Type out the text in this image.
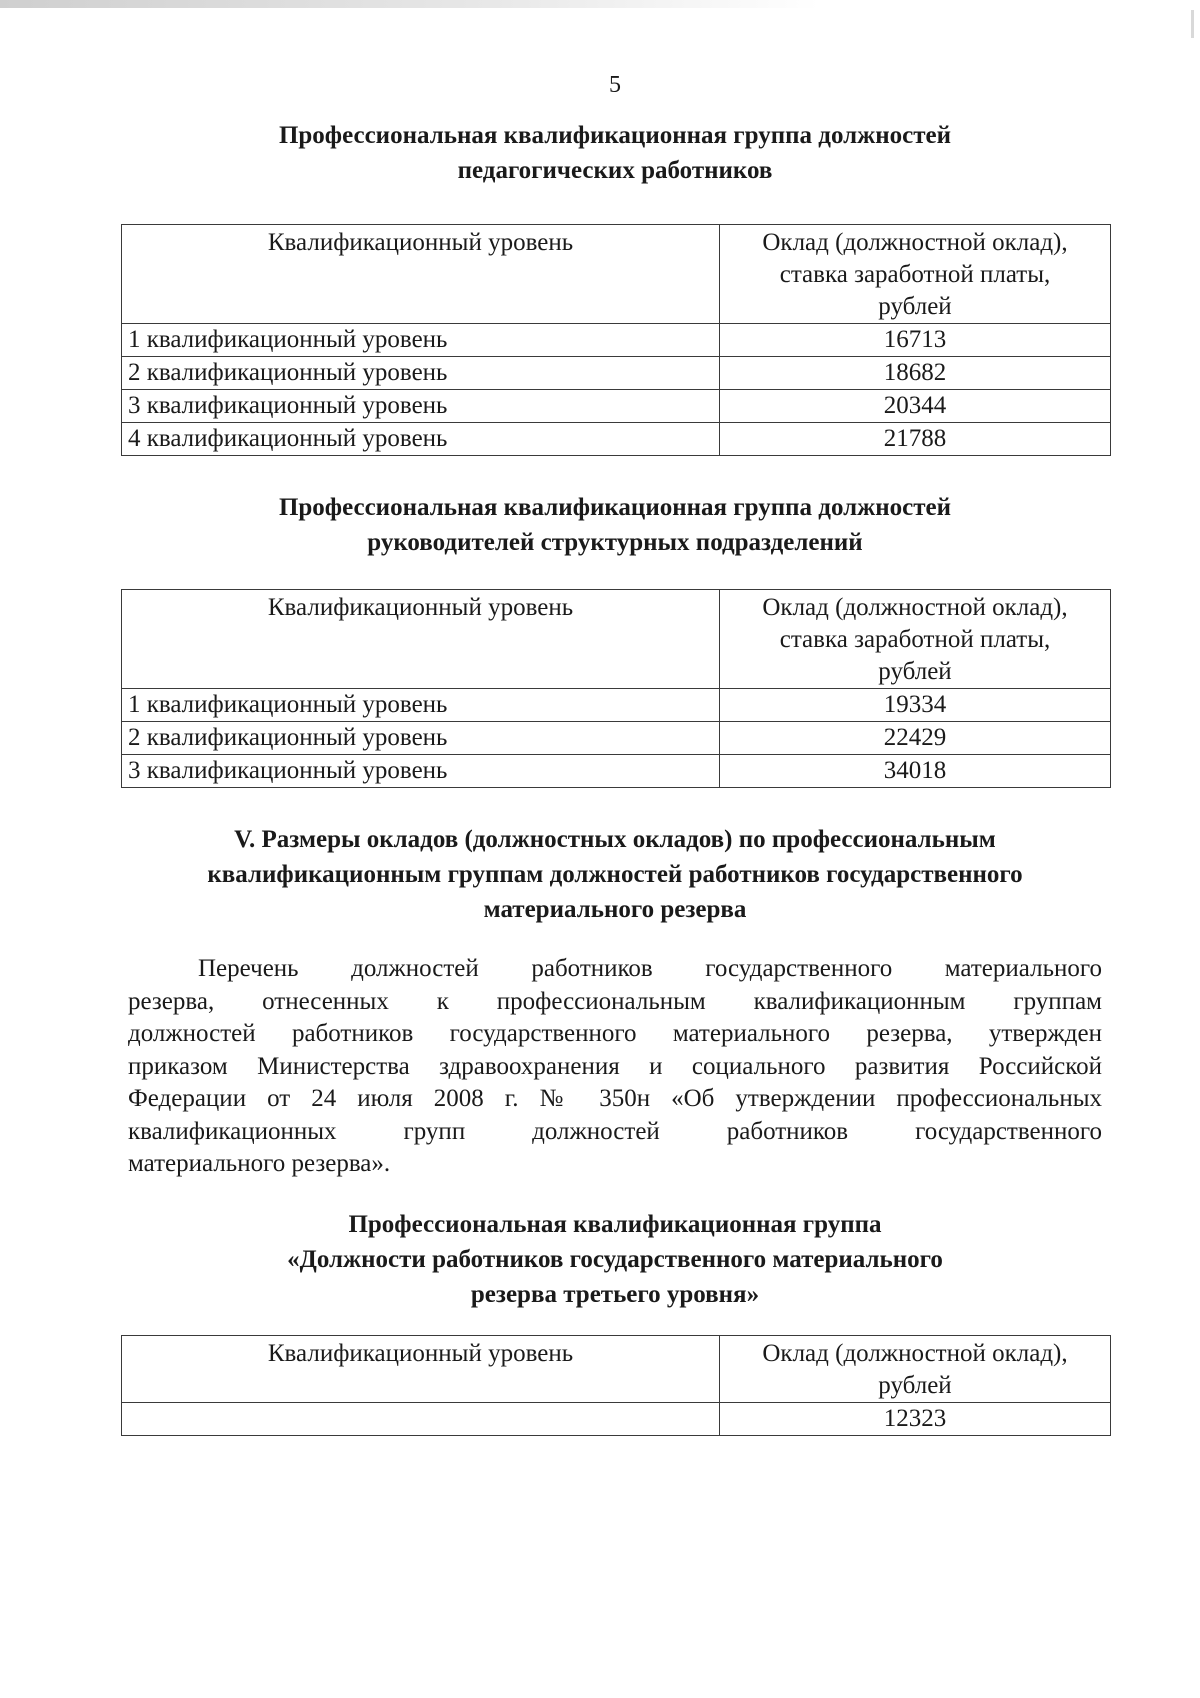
5
Профессиональная квалификационная группа должностей
педагогических работников
Квалификационный уровень	Оклад (должностной оклад),
ставка заработной платы,
рублей

1 квалификационный уровень	16713
2 квалификационный уровень	18682
3 квалификационный уровень	20344
4 квалификационный уровень	21788
Профессиональная квалификационная группа должностей
руководителей структурных подразделений
Квалификационный уровень	Оклад (должностной оклад),
ставка заработной платы,
рублей

1 квалификационный уровень	19334
2 квалификационный уровень	22429
3 квалификационный уровень	34018
V. Размеры окладов (должностных окладов) по профессиональным
квалификационным группам должностей работников государственного
материального резерва

Перечень должностей работников государственного материального
резерва, отнесенных к профессиональным квалификационным группам
должностей работников государственного материального резерва, утвержден
приказом Министерства здравоохранения и социального развития Российской
Федерации от 24 июля 2008 г. № 350н «Об утверждении профессиональных
квалификационных групп должностей работников государственного
материального резерва».

Профессиональная квалификационная группа
«Должности работников государственного материального
резерва третьего уровня»
Квалификационный уровень	Оклад (должностной оклад),
рублей

	12323
